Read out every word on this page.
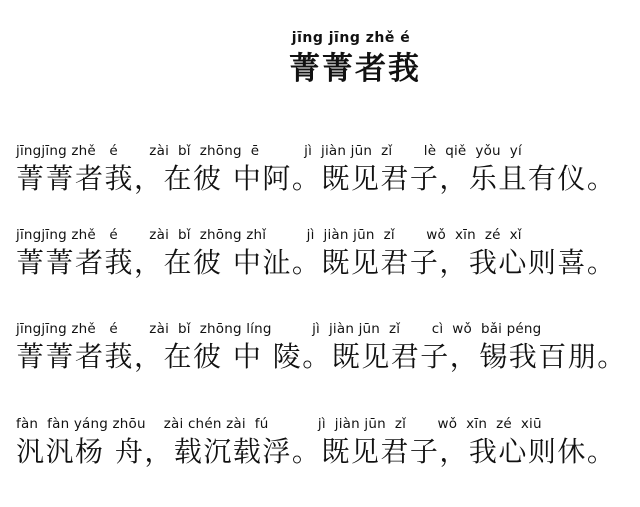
jīng jīng zhě é
菁菁者莪
jīngjīng zhě   é       zài  bǐ  zhōng  ē          jì  jiàn jūn  zǐ       lè  qiě  yǒu  yí
菁菁者莪，在彼 中阿。既见君子，乐且有仪。
jīngjīng zhě   é       zài  bǐ  zhōng zhǐ         jì  jiàn jūn  zǐ       wǒ  xīn  zé  xǐ
菁菁者莪，在彼 中沚。既见君子，我心则喜。
jīngjīng zhě   é       zài  bǐ  zhōng líng         jì  jiàn jūn  zǐ       cì  wǒ  bǎi péng
菁菁者莪，在彼 中 陵。既见君子，锡我百朋。
fàn  fàn yáng zhōu    zài chén zài  fú           jì  jiàn jūn  zǐ       wǒ  xīn  zé  xiū
汎汎杨 舟，载沉载浮。既见君子，我心则休。
